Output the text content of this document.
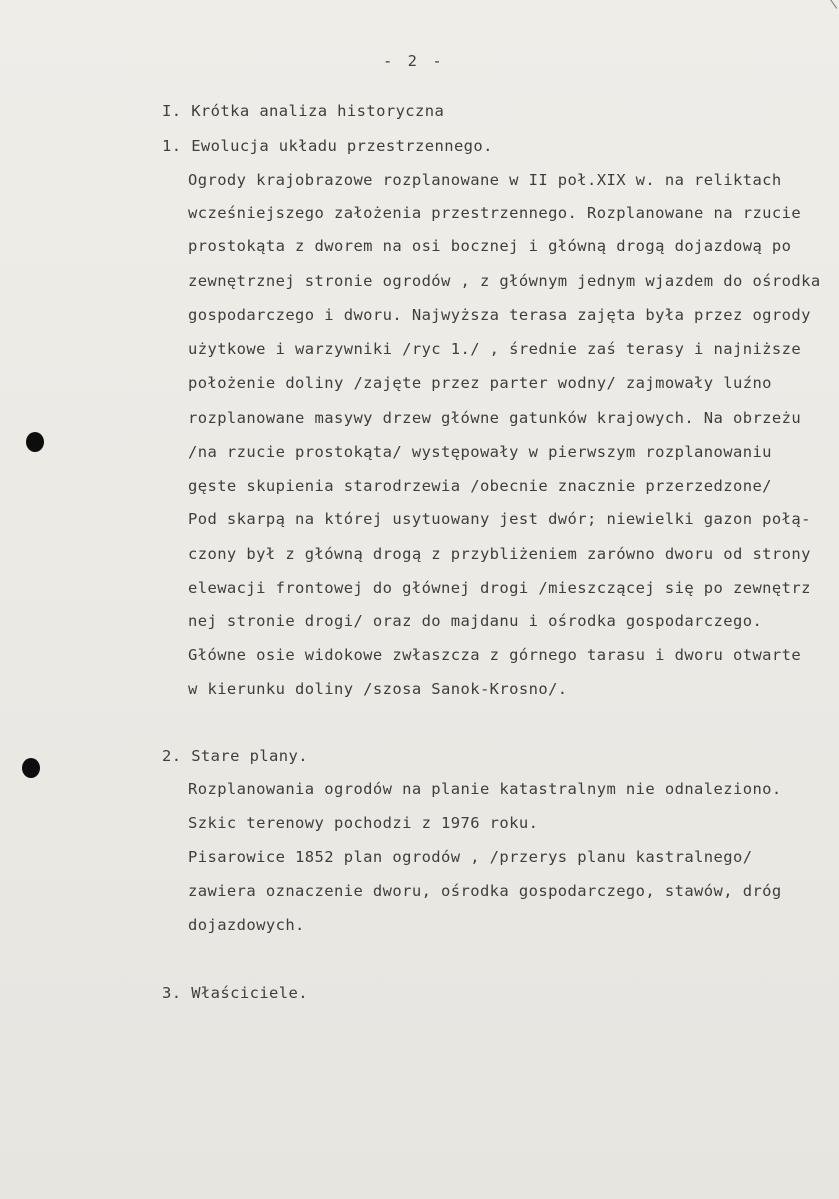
- 2 -
I. Krótka analiza historyczna
1. Ewolucja układu przestrzennego.
Ogrody krajobrazowe rozplanowane w II poł.XIX w. na reliktach
wcześniejszego założenia przestrzennego. Rozplanowane na rzucie
prostokąta z dworem na osi bocznej i główną drogą dojazdową po
zewnętrznej stronie ogrodów , z głównym jednym wjazdem do ośrodka
gospodarczego i dworu. Najwyższa terasa zajęta była przez ogrody
użytkowe i warzywniki /ryc 1./ , średnie zaś terasy i najniższe
położenie doliny /zajęte przez parter wodny/ zajmowały luźno
rozplanowane masywy drzew główne gatunków krajowych. Na obrzeżu
/na rzucie prostokąta/ występowały w pierwszym rozplanowaniu
gęste skupienia starodrzewia /obecnie znacznie przerzedzone/
Pod skarpą na której usytuowany jest dwór; niewielki gazon połą-
czony był z główną drogą z przybliżeniem zarówno dworu od strony
elewacji frontowej do głównej drogi /mieszczącej się po zewnętrz
nej stronie drogi/ oraz do majdanu i ośrodka gospodarczego.
Główne osie widokowe zwłaszcza z górnego tarasu i dworu otwarte
w kierunku doliny /szosa Sanok-Krosno/.
2. Stare plany.
Rozplanowania ogrodów na planie katastralnym nie odnaleziono.
Szkic terenowy pochodzi z 1976 roku.
Pisarowice 1852 plan ogrodów , /przerys planu kastralnego/
zawiera oznaczenie dworu, ośrodka gospodarczego, stawów, dróg
dojazdowych.
3. Właściciele.
